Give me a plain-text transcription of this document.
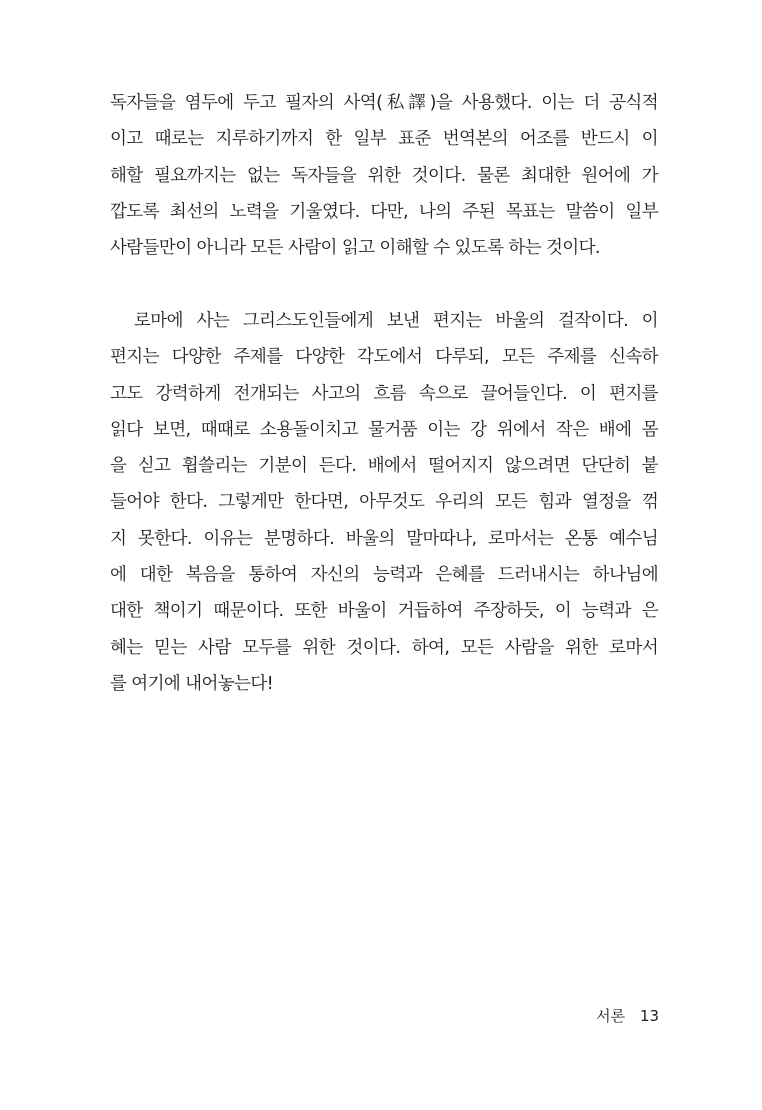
독자들을 염두에 두고 필자의 사역(私譯)을 사용했다. 이는 더 공식적
이고 때로는 지루하기까지 한 일부 표준 번역본의 어조를 반드시 이
해할 필요까지는 없는 독자들을 위한 것이다. 물론 최대한 원어에 가
깝도록 최선의 노력을 기울였다. 다만, 나의 주된 목표는 말씀이 일부
사람들만이 아니라 모든 사람이 읽고 이해할 수 있도록 하는 것이다.
로마에 사는 그리스도인들에게 보낸 편지는 바울의 걸작이다. 이
편지는 다양한 주제를 다양한 각도에서 다루되, 모든 주제를 신속하
고도 강력하게 전개되는 사고의 흐름 속으로 끌어들인다. 이 편지를
읽다 보면, 때때로 소용돌이치고 물거품 이는 강 위에서 작은 배에 몸
을 싣고 휩쓸리는 기분이 든다. 배에서 떨어지지 않으려면 단단히 붙
들어야 한다. 그렇게만 한다면, 아무것도 우리의 모든 힘과 열정을 꺾
지 못한다. 이유는 분명하다. 바울의 말마따나, 로마서는 온통 예수님
에 대한 복음을 통하여 자신의 능력과 은혜를 드러내시는 하나님에
대한 책이기 때문이다. 또한 바울이 거듭하여 주장하듯, 이 능력과 은
혜는 믿는 사람 모두를 위한 것이다. 하여, 모든 사람을 위한 로마서
를 여기에 내어놓는다!
서론 13
